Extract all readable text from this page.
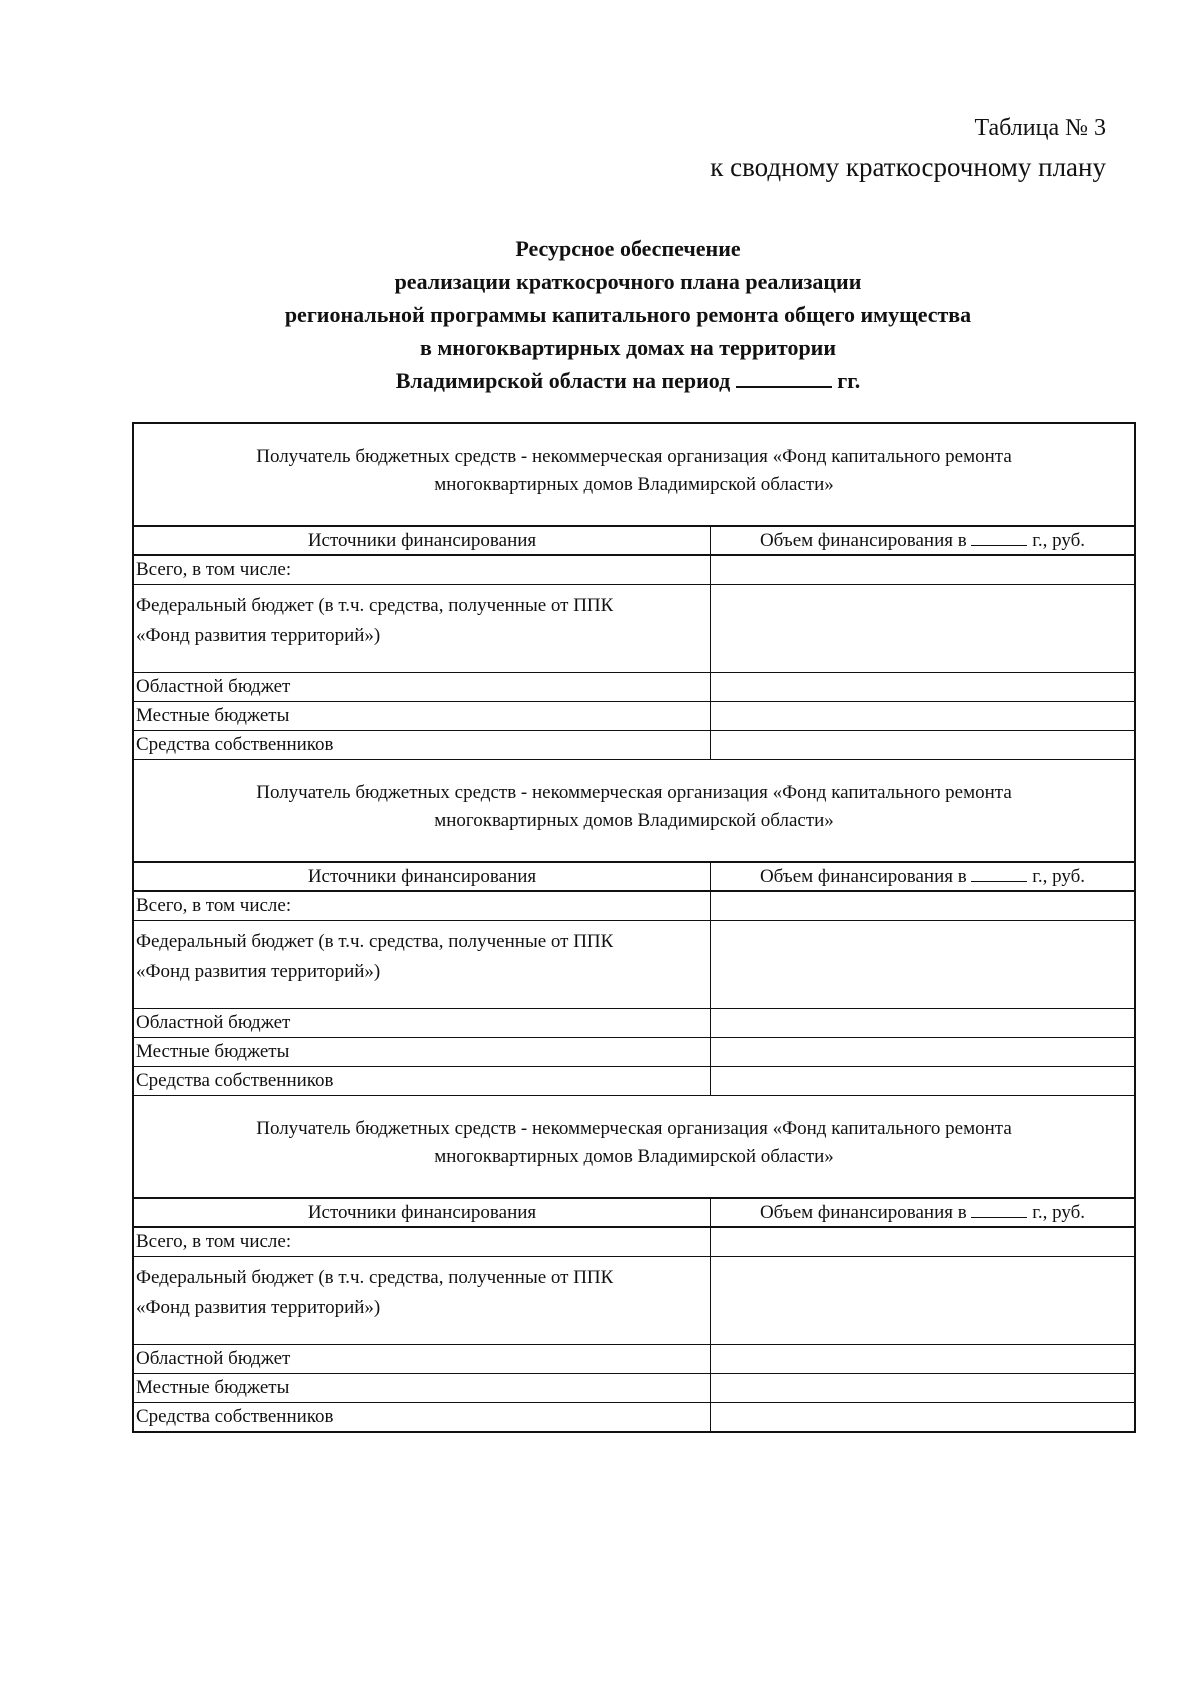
Таблица № 3
к сводному краткосрочному плану
Ресурсное обеспечение
реализации краткосрочного плана реализации
региональной программы капитального ремонта общего имущества
в многоквартирных домах на территории
Владимирской области на период	гг.
Получатель бюджетных средств - некоммерческая организация «Фонд капитального ремонта
многоквартирных домов Владимирской области»
Источники финансирования	Объем финансирования в	г., руб.
Всего, в том числе:
Федеральный бюджет (в т.ч. средства, полученные от ППК
«Фонд развития территорий»)
Областной бюджет
Местные бюджеты
Средства собственников
Получатель бюджетных средств - некоммерческая организация «Фонд капитального ремонта
многоквартирных домов Владимирской области»
Источники финансирования	Объем финансирования в	г., руб.
Всего, в том числе:
Федеральный бюджет (в т.ч. средства, полученные от ППК
«Фонд развития территорий»)
Областной бюджет
Местные бюджеты
Средства собственников
Получатель бюджетных средств - некоммерческая организация «Фонд капитального ремонта
многоквартирных домов Владимирской области»
Источники финансирования	Объем финансирования в	г., руб.
Всего, в том числе:
Федеральный бюджет (в т.ч. средства, полученные от ППК
«Фонд развития территорий»)
Областной бюджет
Местные бюджеты
Средства собственников
